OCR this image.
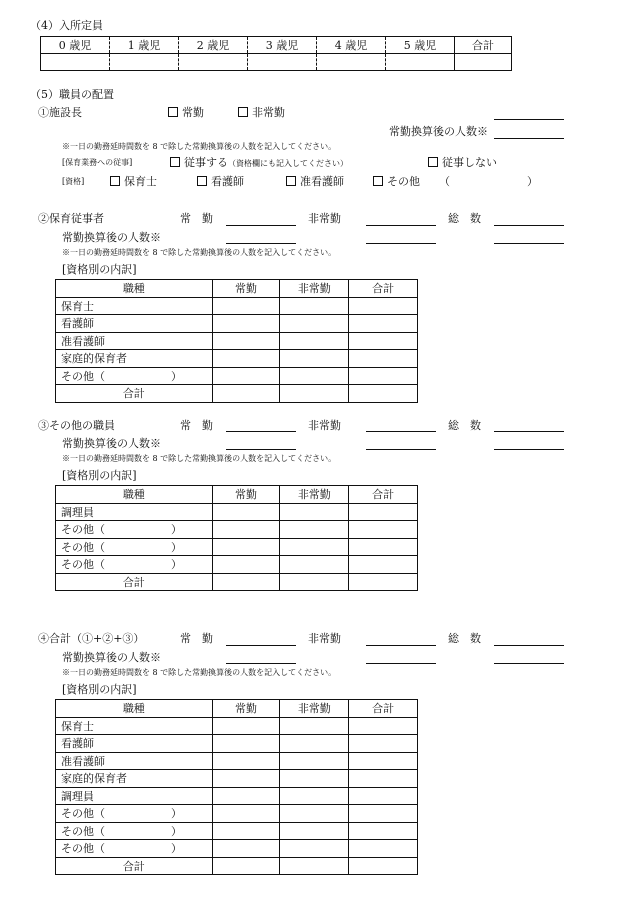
（4）入所定員
0 歳児	1 歳児	2 歳児	3 歳児	4 歳児	5 歳児	合計

（5）職員の配置
①施設長	常勤	非常勤
常勤換算後の人数※
※一日の勤務延時間数を 8 で除した常勤換算後の人数を記入してください。
[保育業務への従事]	従事する（資格欄にも記入してください）	従事しない
[資格]	保育士	看護師	准看護師	その他 （	）
②保育従事者	常　勤	非常勤	総　数
常勤換算後の人数※
※一日の勤務延時間数を 8 で除した常勤換算後の人数を記入してください。
[資格別の内訳]
職種	常勤	非常勤	合計
保育士			
看護師			
准看護師			
家庭的保育者			
その他（　　　　　　）			
合計			
③その他の職員	常　勤	非常勤	総　数
常勤換算後の人数※
※一日の勤務延時間数を 8 で除した常勤換算後の人数を記入してください。
[資格別の内訳]
職種	常勤	非常勤	合計
調理員			
その他（　　　　　　）			
その他（　　　　　　）			
その他（　　　　　　）			
合計			
④合計（①+②+③）	常　勤	非常勤	総　数
常勤換算後の人数※
※一日の勤務延時間数を 8 で除した常勤換算後の人数を記入してください。
[資格別の内訳]
職種	常勤	非常勤	合計
保育士			
看護師			
准看護師			
家庭的保育者			
調理員			
その他（　　　　　　）			
その他（　　　　　　）			
その他（　　　　　　）			
合計			
